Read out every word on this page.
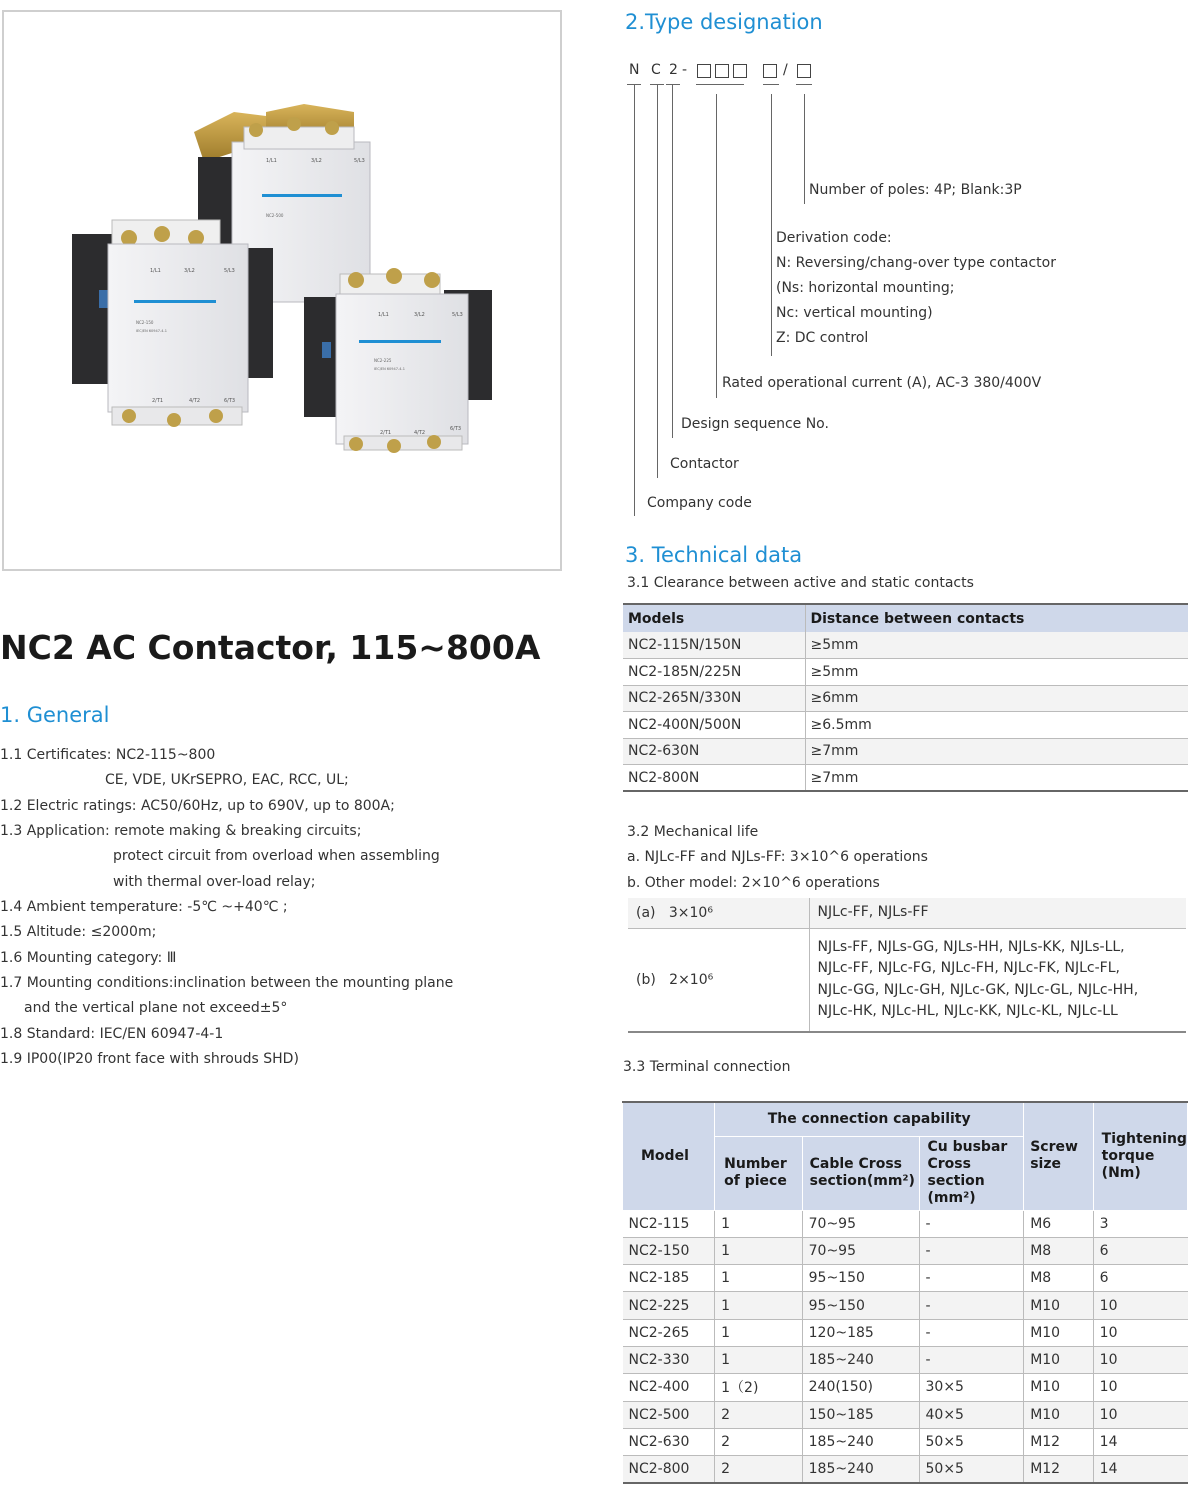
1/L1	3/L2	5/L3
NC2-500
1/L1	3/L2	5/L3
NC2-150
IEC/EN 60947-4-1
2/T1	4/T2	6/T3
1/L1	3/L2	5/L3
NC2-225
IEC/EN 60947-4-1
2/T1	4/T2
6/T3
NC2 AC Contactor, 115~800A
1. General
1.1 Certificates: NC2-115~800
CE, VDE, UKrSEPRO, EAC, RCC, UL;
1.2 Electric ratings: AC50/60Hz, up to 690V, up to 800A;
1.3 Application: remote making & breaking circuits;
protect circuit from overload when assembling
with thermal over-load relay;
1.4 Ambient temperature: -5℃ ~+40℃ ;
1.5 Altitude: ≤2000m;
1.6 Mounting category: Ⅲ
1.7 Mounting conditions:inclination between the mounting plane
and the vertical plane not exceed±5°
1.8 Standard: IEC/EN 60947-4-1
1.9 IP00(IP20 front face with shrouds SHD)
2.Type designation
N C 2 -	/
Number of poles: 4P; Blank:3P
Derivation code:
N: Reversing/chang-over type contactor
(Ns: horizontal mounting;
Nc: vertical mounting)
Z: DC control
Rated operational current (A), AC-3 380/400V
Design sequence No.
Contactor
Company code
3. Technical data
3.1 Clearance between active and static contacts
Models	Distance between contacts
NC2-115N/150N	≥5mm
NC2-185N/225N	≥5mm
NC2-265N/330N	≥6mm
NC2-400N/500N	≥6.5mm
NC2-630N	≥7mm
NC2-800N	≥7mm
3.2 Mechanical life
a. NJLc-FF and NJLs-FF: 3×10^6 operations
b. Other model: 2×10^6 operations
(a) 3×10⁶	NJLc-FF, NJLs-FF

(b) 2×10⁶	NJLs-FF, NJLs-GG, NJLs-HH, NJLs-KK, NJLs-LL,
NJLc-FF, NJLc-FG, NJLc-FH, NJLc-FK, NJLc-FL,
NJLc-GG, NJLc-GH, NJLc-GK, NJLc-GL, NJLc-HH,
NJLc-HK, NJLc-HL, NJLc-KK, NJLc-KL, NJLc-LL
3.3 Terminal connection
Model	The connection capability			Screw size	Tightening torque (Nm)
	Number of piece	Cable Cross section(mm²)	Cu busbar Cross section (mm²)		
NC2-115	1	70~95	-	M6	3
NC2-150	1	70~95	-	M8	6
NC2-185	1	95~150	-	M8	6
NC2-225	1	95~150	-	M10	10
NC2-265	1	120~185	-	M10	10
NC2-330	1	185~240	-	M10	10
NC2-400	1（2)	240(150)	30×5	M10	10
NC2-500	2	150~185	40×5	M10	10
NC2-630	2	185~240	50×5	M12	14
NC2-800	2	185~240	50×5	M12	14
